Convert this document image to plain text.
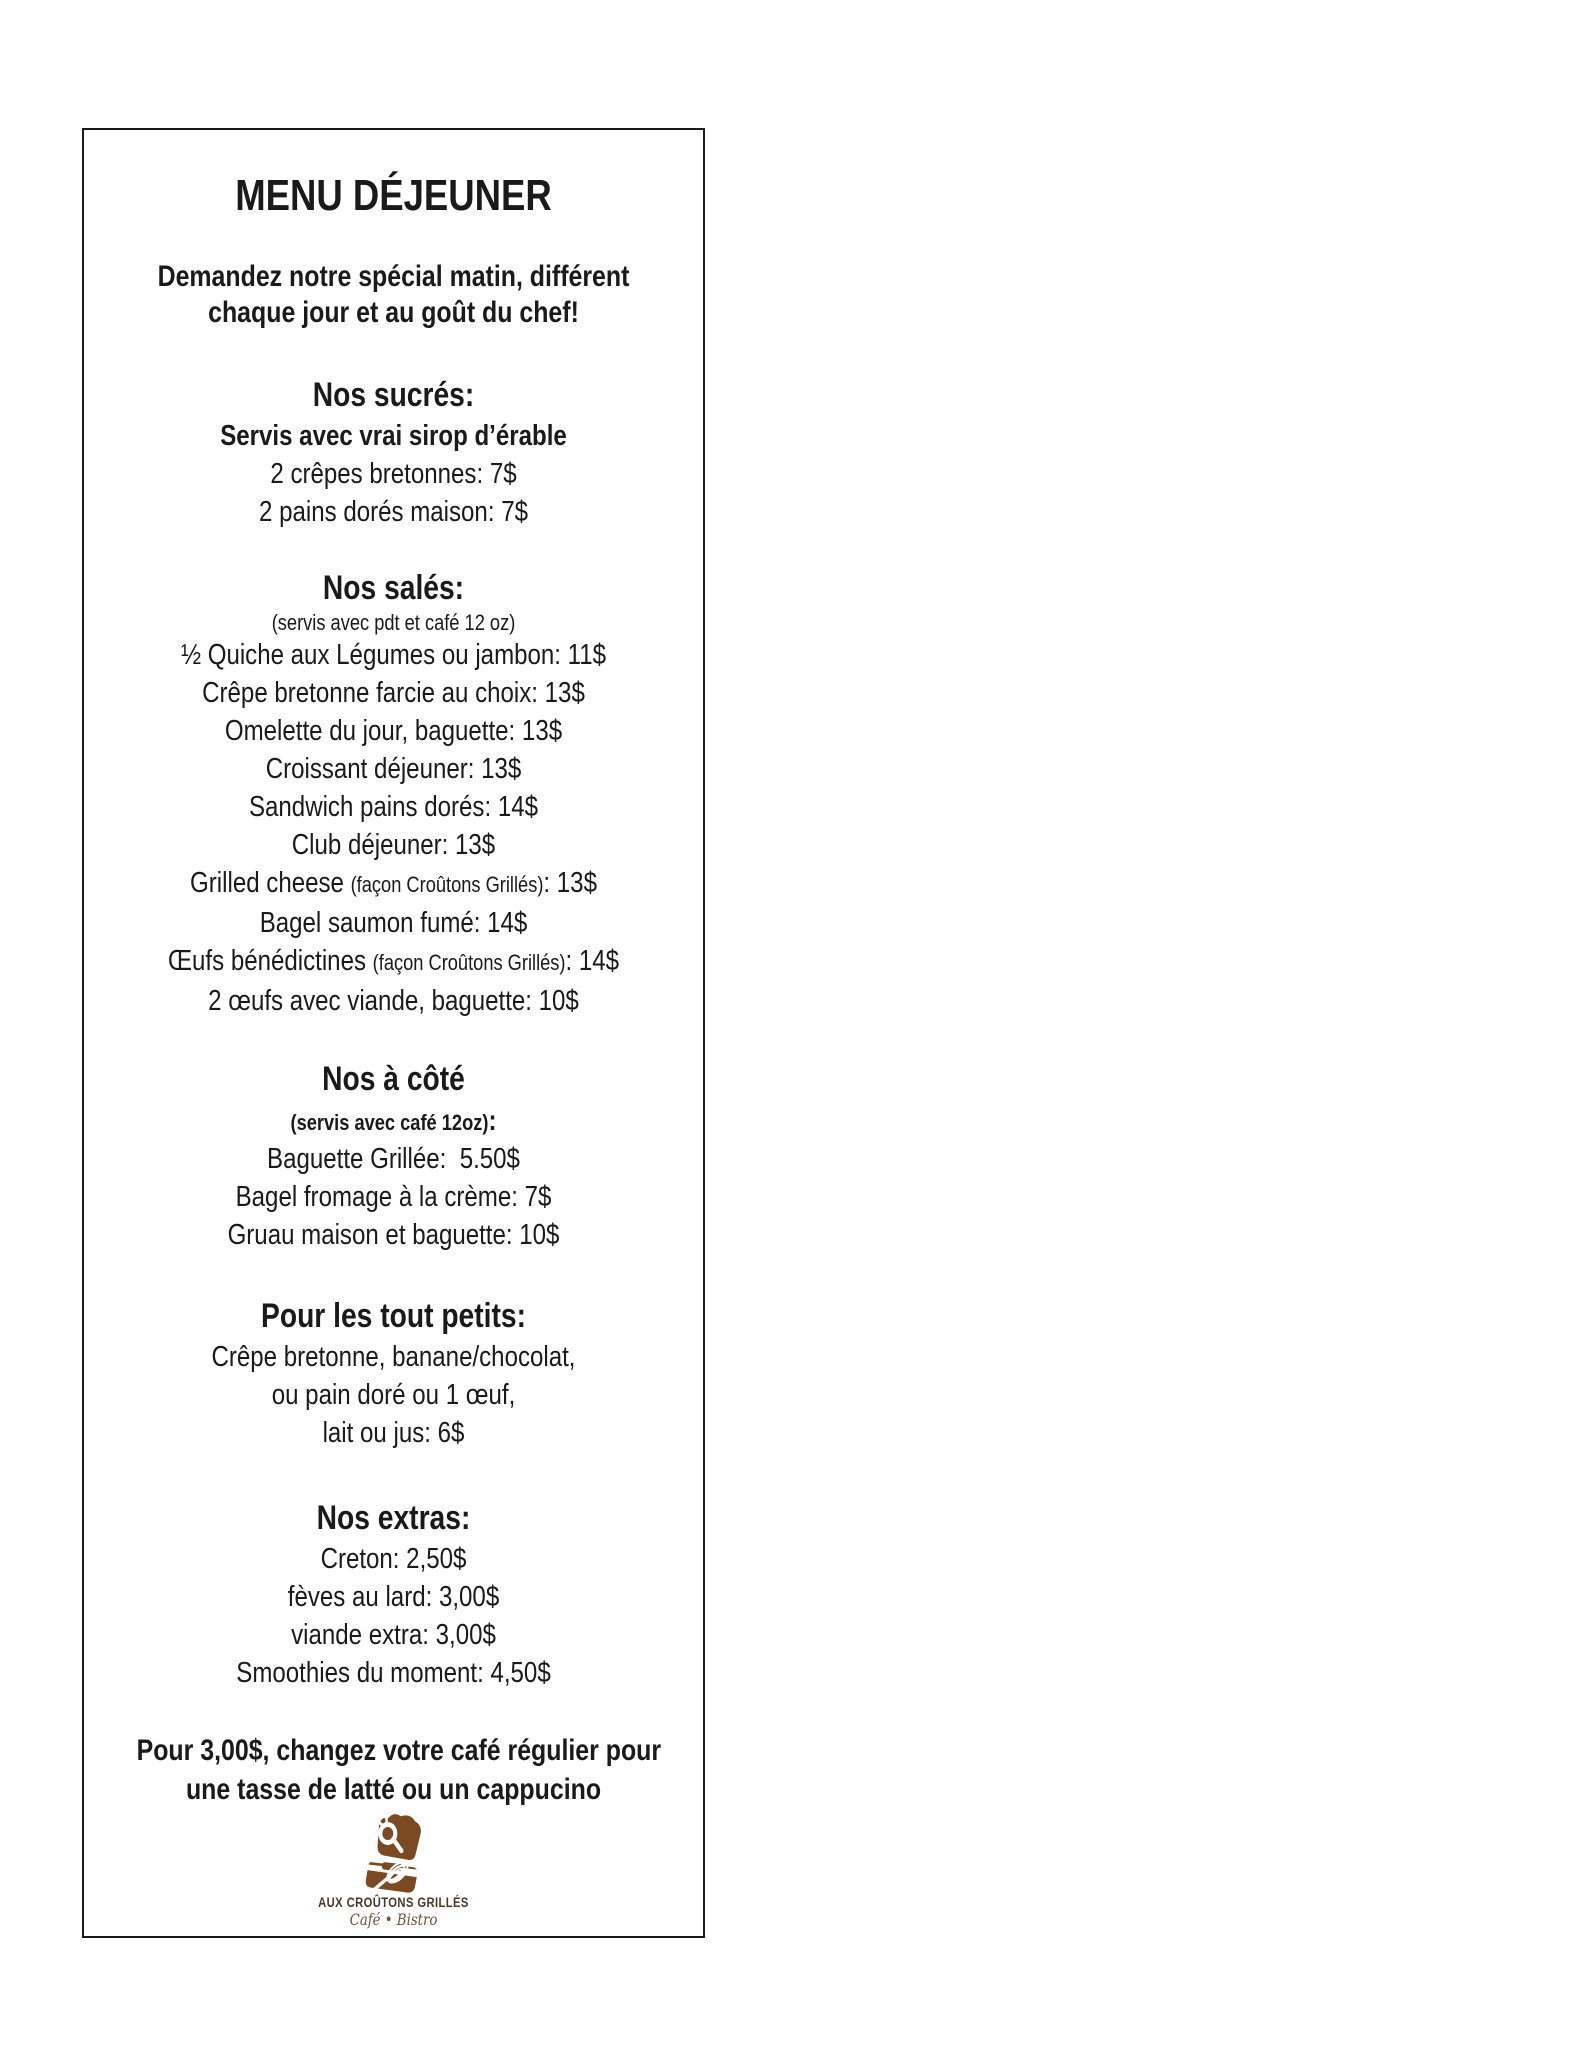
MENU DÉJEUNER
Demandez notre spécial matin, différent
chaque jour et au goût du chef!
Nos sucrés:
Servis avec vrai sirop d’érable
2 crêpes bretonnes: 7$
2 pains dorés maison: 7$
Nos salés:
(servis avec pdt et café 12 oz)
½ Quiche aux Légumes ou jambon: 11$
Crêpe bretonne farcie au choix: 13$
Omelette du jour, baguette: 13$
Croissant déjeuner: 13$
Sandwich pains dorés: 14$
Club déjeuner: 13$
Grilled cheese (façon Croûtons Grillés): 13$
Bagel saumon fumé: 14$
Œufs bénédictines (façon Croûtons Grillés): 14$
2 œufs avec viande, baguette: 10$
Nos à côté
(servis avec café 12oz):
Baguette Grillée:  5.50$
Bagel fromage à la crème: 7$
Gruau maison et baguette: 10$
Pour les tout petits:
Crêpe bretonne, banane/chocolat,
ou pain doré ou 1 œuf,
lait ou jus: 6$
Nos extras:
Creton: 2,50$
fèves au lard: 3,00$
viande extra: 3,00$
Smoothies du moment: 4,50$
Pour 3,00$, changez votre café régulier pour
une tasse de latté ou un cappucino
AUX CROÛTONS GRILLÉS
Café • Bistro
